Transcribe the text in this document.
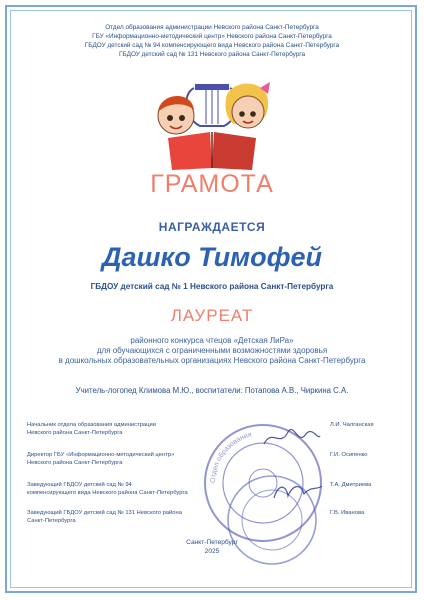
Отдел образования администрации Невского района Санкт-Петербурга
ГБУ «Информационно-методический центр» Невского района Санкт-Петербурга
ГБДОУ детский сад № 94 компенсирующего вида Невского района Санкт-Петербурга
ГБДОУ детский сад № 131 Невского района Санкт-Петербурга
ГРАМОТА
НАГРАЖДАЕТСЯ
Дашко Тимофей
ГБДОУ детский сад № 1 Невского района Санкт-Петербурга
ЛАУРЕАТ
районного конкурса чтецов «Детская ЛиРа»
для обучающихся с ограниченными возможностями здоровья
в дошкольных образовательных организациях Невского района Санкт-Петербурга
Учитель-логопед Климова М.Ю., воспитатели: Потапова А.В., Чиркина С.А.
Отдел образования
Начальник отдела образования администрации
Невского района Санкт-Петербурга
Л.И. Чалганская
Директор ГБУ «Информационно-методический центр»
Невского района Санкт-Петербурга
Г.И. Осипенко
Заведующий ГБДОУ детский сад № 94
компенсирующего вида Невского района Санкт-Петербурга
Т.А. Дмитриева
Заведующий ГБДОУ детский сад № 131 Невского района
Санкт-Петербурга
Г.В. Иванова
Санкт-Петербург
2025
